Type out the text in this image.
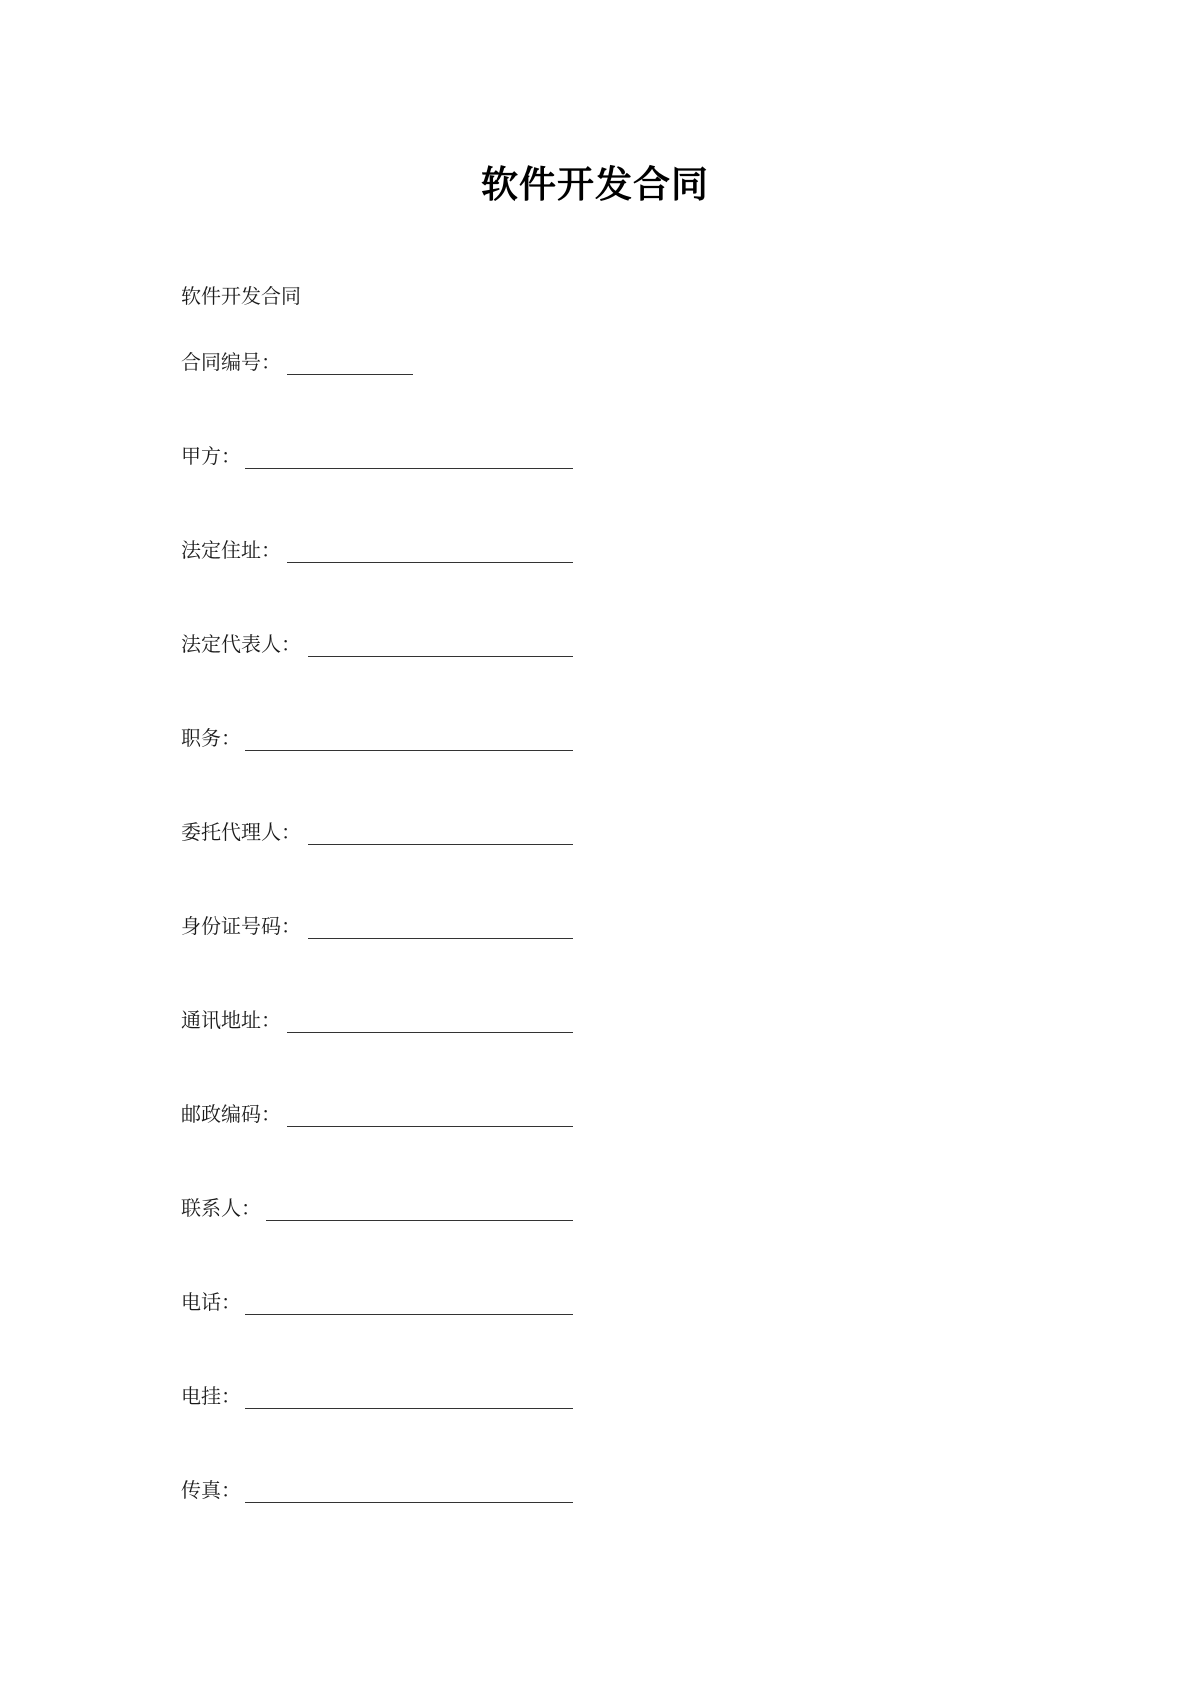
软件开发合同
软件开发合同
合同编号：
甲方：
法定住址：
法定代表人：
职务：
委托代理人：
身份证号码：
通讯地址：
邮政编码：
联系人：
电话：
电挂：
传真：
